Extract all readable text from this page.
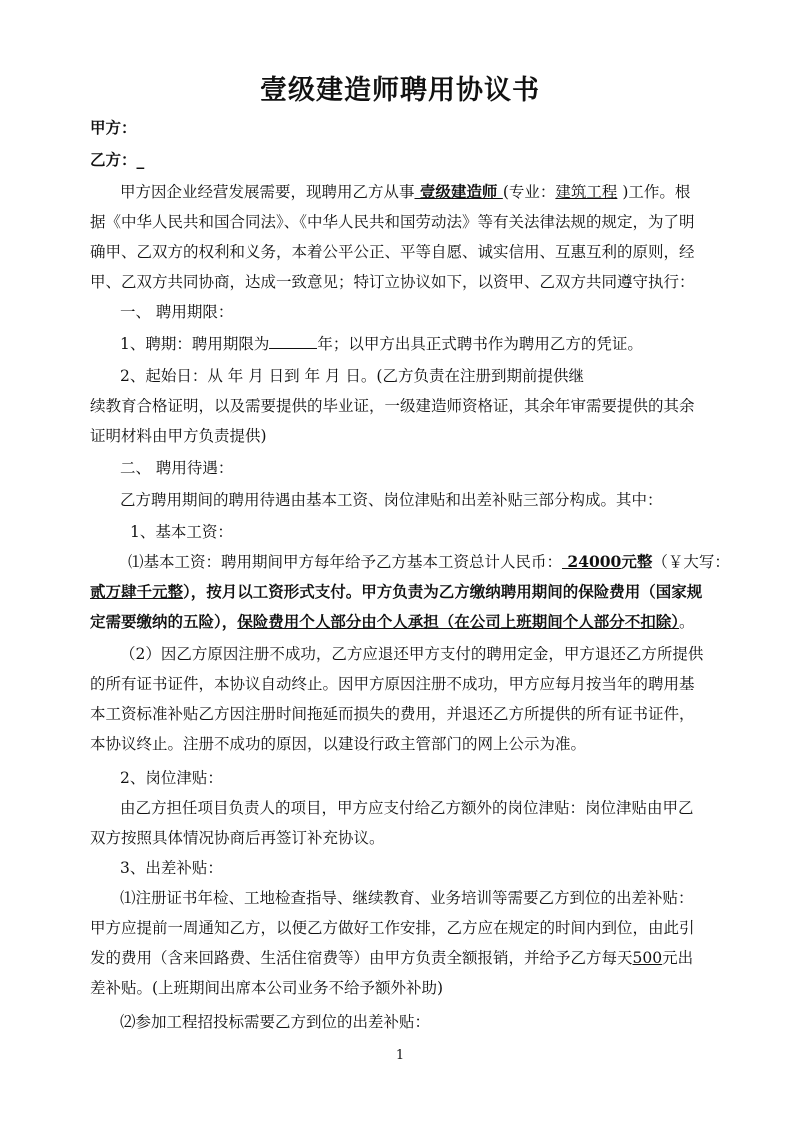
壹级建造师聘用协议书
甲方：
乙方：_
甲方因企业经营发展需要，现聘用乙方从事 壹级建造师 (专业：建筑工程 )工作。根
据《中华人民共和国合同法》、《中华人民共和国劳动法》等有关法律法规的规定，为了明
确甲、乙双方的权利和义务，本着公平公正、平等自愿、诚实信用、互惠互利的原则，经
甲、乙双方共同协商，达成一致意见；特订立协议如下，以资甲、乙双方共同遵守执行：
一、 聘用期限：
1、聘期：聘用期限为	年；以甲方出具正式聘书作为聘用乙方的凭证。
2、起始日：从 年 月 日到 年 月 日。(乙方负责在注册到期前提供继
续教育合格证明，以及需要提供的毕业证，一级建造师资格证，其余年审需要提供的其余
证明材料由甲方负责提供)
二、 聘用待遇：
乙方聘用期间的聘用待遇由基本工资、岗位津贴和出差补贴三部分构成。其中：
1、基本工资：
⑴基本工资：聘用期间甲方每年给予乙方基本工资总计人民币： 24000元整（￥大写：
贰万肆千元整），按月以工资形式支付。甲方负责为乙方缴纳聘用期间的保险费用（国家规
定需要缴纳的五险），保险费用个人部分由个人承担（在公司上班期间个人部分不扣除）。
（2）因乙方原因注册不成功，乙方应退还甲方支付的聘用定金，甲方退还乙方所提供
的所有证书证件，本协议自动终止。因甲方原因注册不成功，甲方应每月按当年的聘用基
本工资标准补贴乙方因注册时间拖延而损失的费用，并退还乙方所提供的所有证书证件，
本协议终止。注册不成功的原因，以建设行政主管部门的网上公示为准。
2、岗位津贴：
由乙方担任项目负责人的项目，甲方应支付给乙方额外的岗位津贴：岗位津贴由甲乙
双方按照具体情况协商后再签订补充协议。
3、出差补贴：
⑴注册证书年检、工地检查指导、继续教育、业务培训等需要乙方到位的出差补贴：
甲方应提前一周通知乙方，以便乙方做好工作安排，乙方应在规定的时间内到位，由此引
发的费用（含来回路费、生活住宿费等）由甲方负责全额报销，并给予乙方每天500元出
差补贴。(上班期间出席本公司业务不给予额外补助)
⑵参加工程招投标需要乙方到位的出差补贴：
1
